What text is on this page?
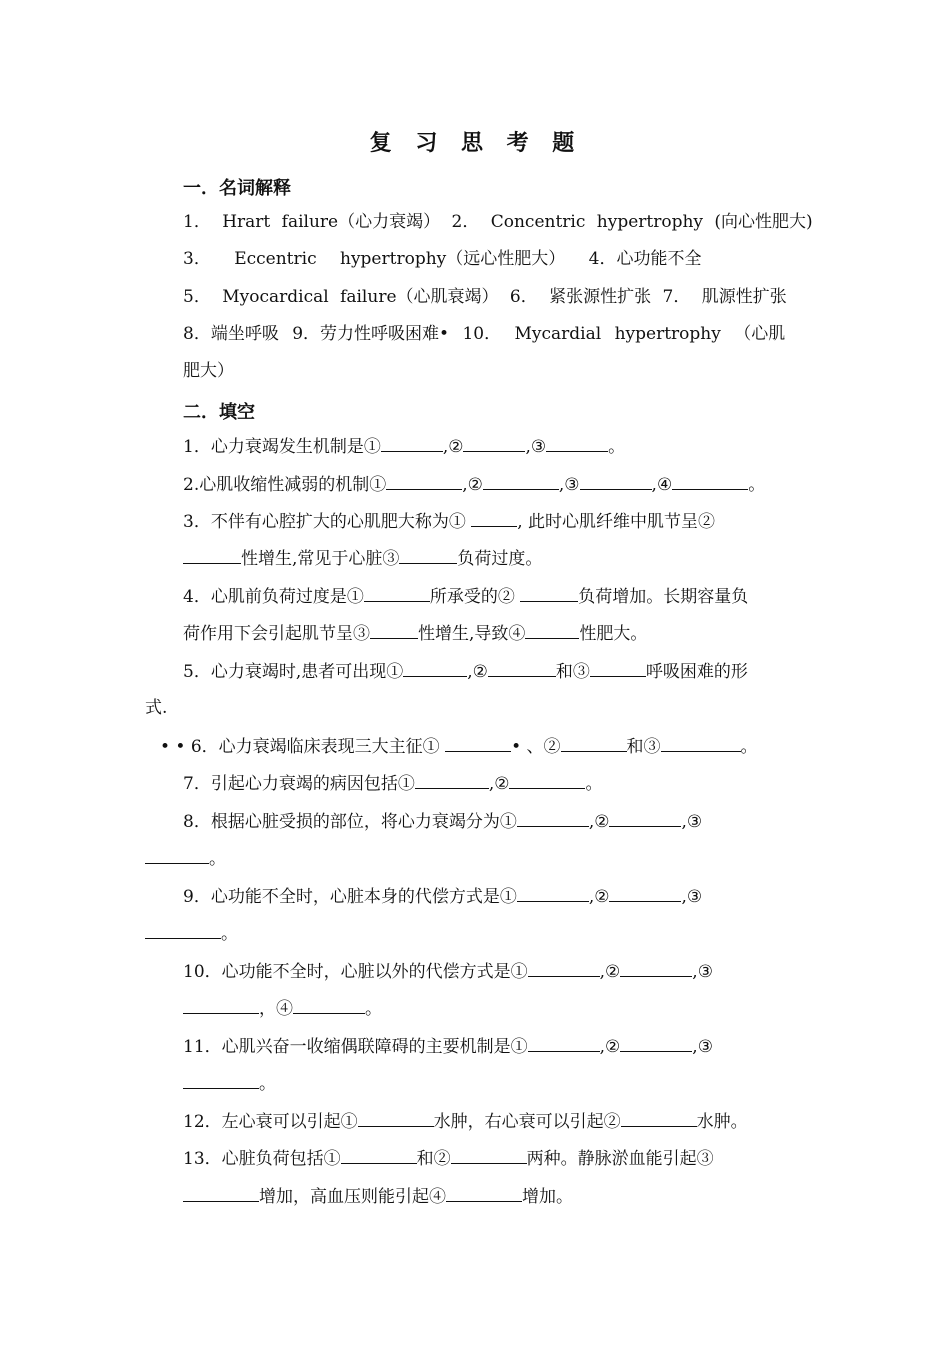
复 习 思 考 题
一．名词解释
1． Hrart failure（心力衰竭） 2． Concentric hypertrophy (向心性肥大)
3． Eccentric hypertrophy（远心性肥大） 4．心功能不全
5． Myocardical failure（心肌衰竭） 6． 紧张源性扩张 7． 肌源性扩张
8．端坐呼吸 9．劳力性呼吸困难• 10． Mycardial hypertrophy （心肌
肥大）
二．填空
1．心力衰竭发生机制是①	,②	,③	。
2.心肌收缩性减弱的机制①	,②	,③	,④	。
3．不伴有心腔扩大的心肌肥大称为①	, 此时心肌纤维中肌节呈②
性增生,常见于心脏③	负荷过度。
4．心肌前负荷过度是①	所承受的②	负荷增加。长期容量负
荷作用下会引起肌节呈③	性增生,导致④	性肥大。
5．心力衰竭时,患者可出现①	,②	和③	呼吸困难的形
式.
• • 6．心力衰竭临床表现三大主征①	• 、②	和③	。
7．引起心力衰竭的病因包括①	,②	。
8．根据心脏受损的部位，将心力衰竭分为①	,②	,③
。
9．心功能不全时，心脏本身的代偿方式是①	,②	,③
。
10．心功能不全时，心脏以外的代偿方式是①	,②	,③
，④	。
11．心肌兴奋一收缩偶联障碍的主要机制是①	,②	,③
。
12．左心衰可以引起①	水肿，右心衰可以引起②	水肿。
13．心脏负荷包括①	和②	两种。静脉淤血能引起③
增加，高血压则能引起④	增加。
